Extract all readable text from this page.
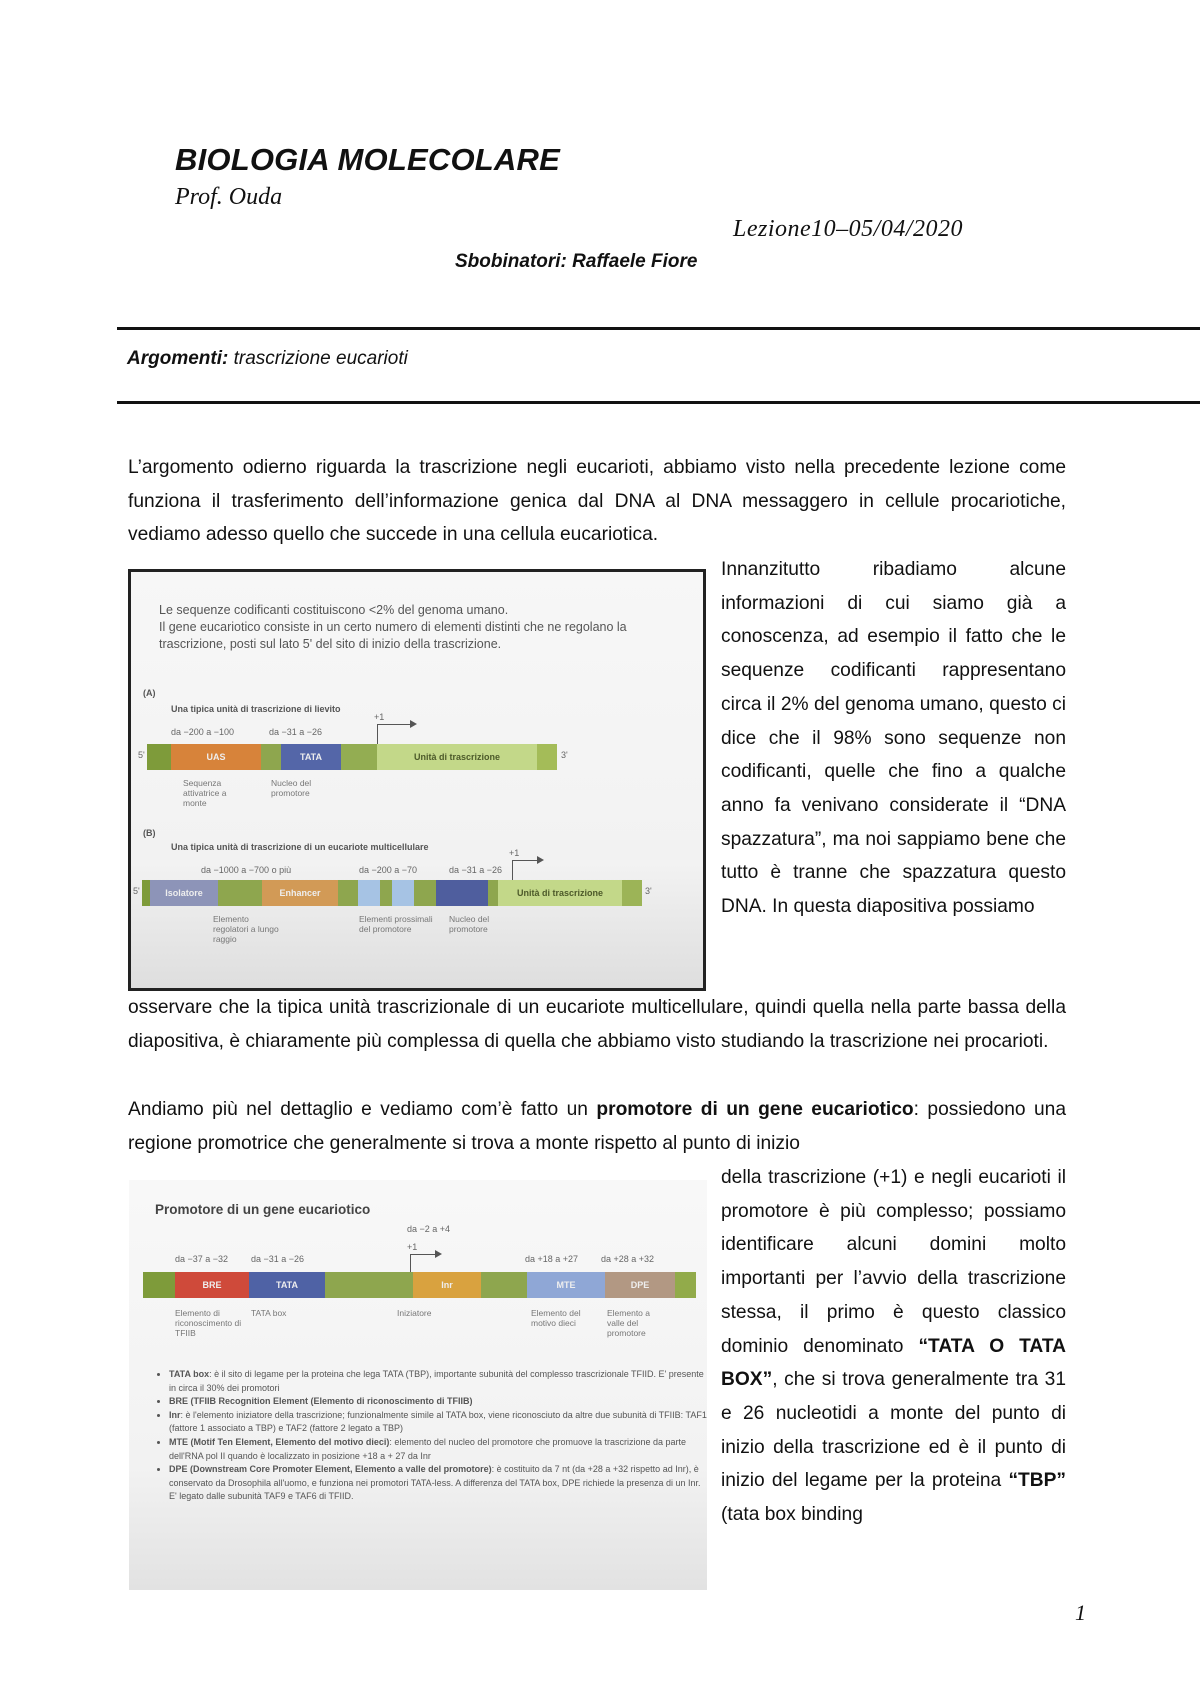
BIOLOGIA MOLECOLARE
Prof. Ouda
Lezione10–05/04/2020
Sbobinatori: Raffaele Fiore
Argomenti: trascrizione eucarioti
L’argomento odierno riguarda la trascrizione negli eucarioti, abbiamo visto nella precedente lezione come funziona il trasferimento dell’informazione genica dal DNA al DNA messaggero in cellule procariotiche, vediamo adesso quello che succede in una cellula eucariotica.
Le sequenze codificanti costituiscono <2% del genoma umano.
Il gene eucariotico consiste in un certo numero di elementi distinti che ne regolano la trascrizione, posti sul lato 5' del sito di inizio della trascrizione.
(A)
Una tipica unità di trascrizione di lievito
da −200 a −100	da −31 a −26
+1
5'	UAS	TATA	Unità di trascrizione	3'
Sequenza attivatrice a monte
Nucleo del promotore
(B)
Una tipica unità di trascrizione di un eucariote multicellulare
da −1000 a −700 o più	da −200 a −70	da −31 a −26
+1
5'	Isolatore	Enhancer	Unità di trascrizione	3'
Elemento regolatori a lungo raggio
Elementi prossimali del promotore
Nucleo del promotore
Innanzitutto ribadiamo alcune informazioni di cui siamo già a conoscenza, ad esempio il fatto che le sequenze codificanti rappresentano circa il 2% del genoma umano, questo ci dice che il 98% sono sequenze non codificanti, quelle che fino a qualche anno fa venivano considerate il “DNA spazzatura”, ma noi sappiamo bene che tutto è tranne che spazzatura questo DNA. In questa diapositiva possiamo
osservare che la tipica unità trascrizionale di un eucariote multicellulare, quindi quella nella parte bassa della diapositiva, è chiaramente più complessa di quella che abbiamo visto studiando la trascrizione nei procarioti.
Andiamo più nel dettaglio e vediamo com’è fatto un promotore di un gene eucariotico: possiedono una regione promotrice che generalmente si trova a monte rispetto al punto di inizio
Promotore di un gene eucariotico
da −2 a +4
+1
da −37 a −32	da −31 a −26	da +18 a +27	da +28 a +32
BRE	TATA	Inr	MTE	DPE
Elemento di riconoscimento di TFIIB
TATA box	Iniziatore	Elemento del motivo dieci
Elemento a valle del promotore
• TATA box: è il sito di legame per la proteina che lega TATA (TBP), importante subunità del complesso trascrizionale TFIID. E' presente in circa il 30% dei promotori
• BRE (TFIIB Recognition Element (Elemento di riconoscimento di TFIIB)
• Inr: è l'elemento iniziatore della trascrizione; funzionalmente simile al TATA box, viene riconosciuto da altre due subunità di TFIIB: TAF1 (fattore 1 associato a TBP) e TAF2 (fattore 2 legato a TBP)
• MTE (Motif Ten Element, Elemento del motivo dieci): elemento del nucleo del promotore che promuove la trascrizione da parte dell'RNA pol II quando è localizzato in posizione +18 a + 27 da Inr
• DPE (Downstream Core Promoter Element, Elemento a valle del promotore): è costituito da 7 nt (da +28 a +32 rispetto ad Inr), è conservato da Drosophila all'uomo, e funziona nei promotori TATA-less. A differenza del TATA box, DPE richiede la presenza di un Inr. E' legato dalle subunità TAF9 e TAF6 di TFIID.
della trascrizione (+1) e negli eucarioti il promotore è più complesso; possiamo identificare alcuni domini molto importanti per l’avvio della trascrizione stessa, il primo è questo classico dominio denominato “TATA O TATA BOX”, che si trova generalmente tra 31 e 26 nucleotidi a monte del punto di inizio della trascrizione ed è il punto di inizio del legame per la proteina “TBP” (tata box binding
1
